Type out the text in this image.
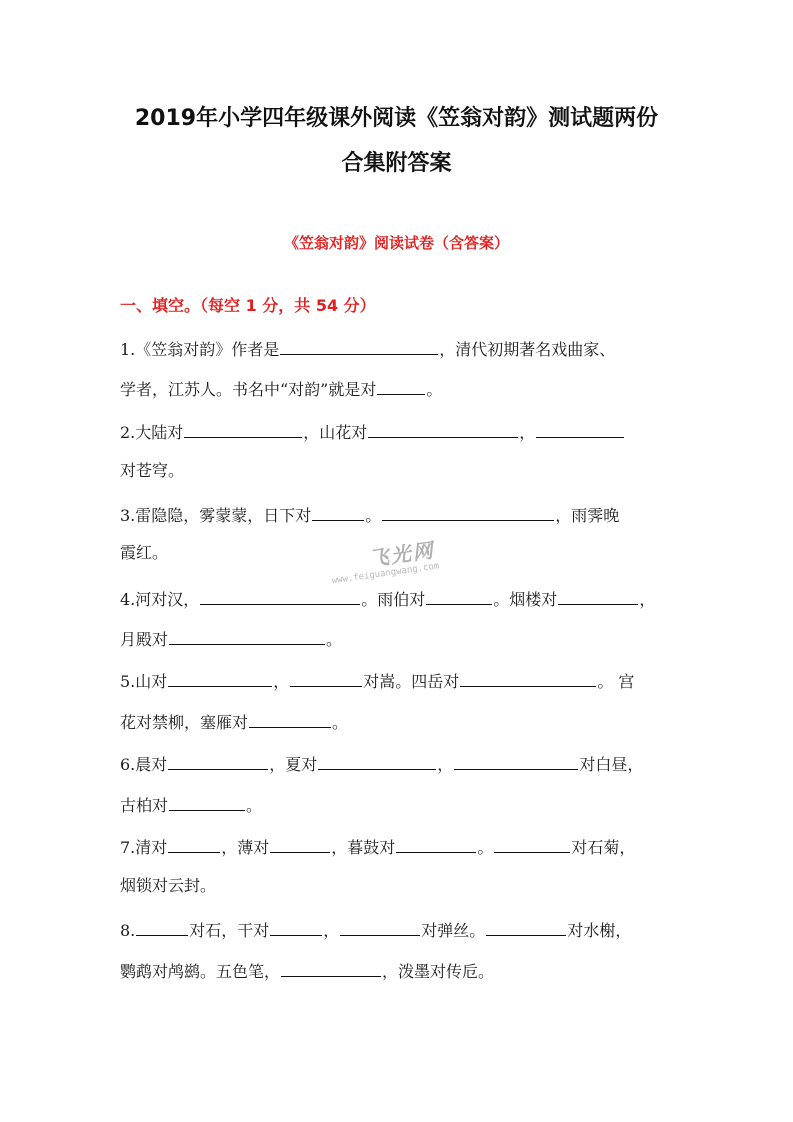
2019年小学四年级课外阅读《笠翁对韵》测试题两份
合集附答案
《笠翁对韵》阅读试卷（含答案）
一、填空。（每空 1 分，共 54 分）
1.《笠翁对韵》作者是	，清代初期著名戏曲家、
学者，江苏人。书名中“对韵”就是对	。
2.大陆对	，山花对	，
对苍穹。
3.雷隐隐，雾蒙蒙，日下对	。	，雨霁晚
霞红。	飞光网
www.feiguangwang.com
4.河对汉，	。雨伯对	。烟楼对	，
月殿对	。
5.山对	，	对嵩。四岳对	。 宫
花对禁柳，塞雁对	。
6.晨对	，夏对	，	对白昼，
古柏对	。
7.清对	，薄对	，暮鼓对	。	对石菊，
烟锁对云封。
8.	对石，干对	，	对弹丝。	对水榭，
鹦鹉对鸬鹚。五色笔，	，泼墨对传卮。
